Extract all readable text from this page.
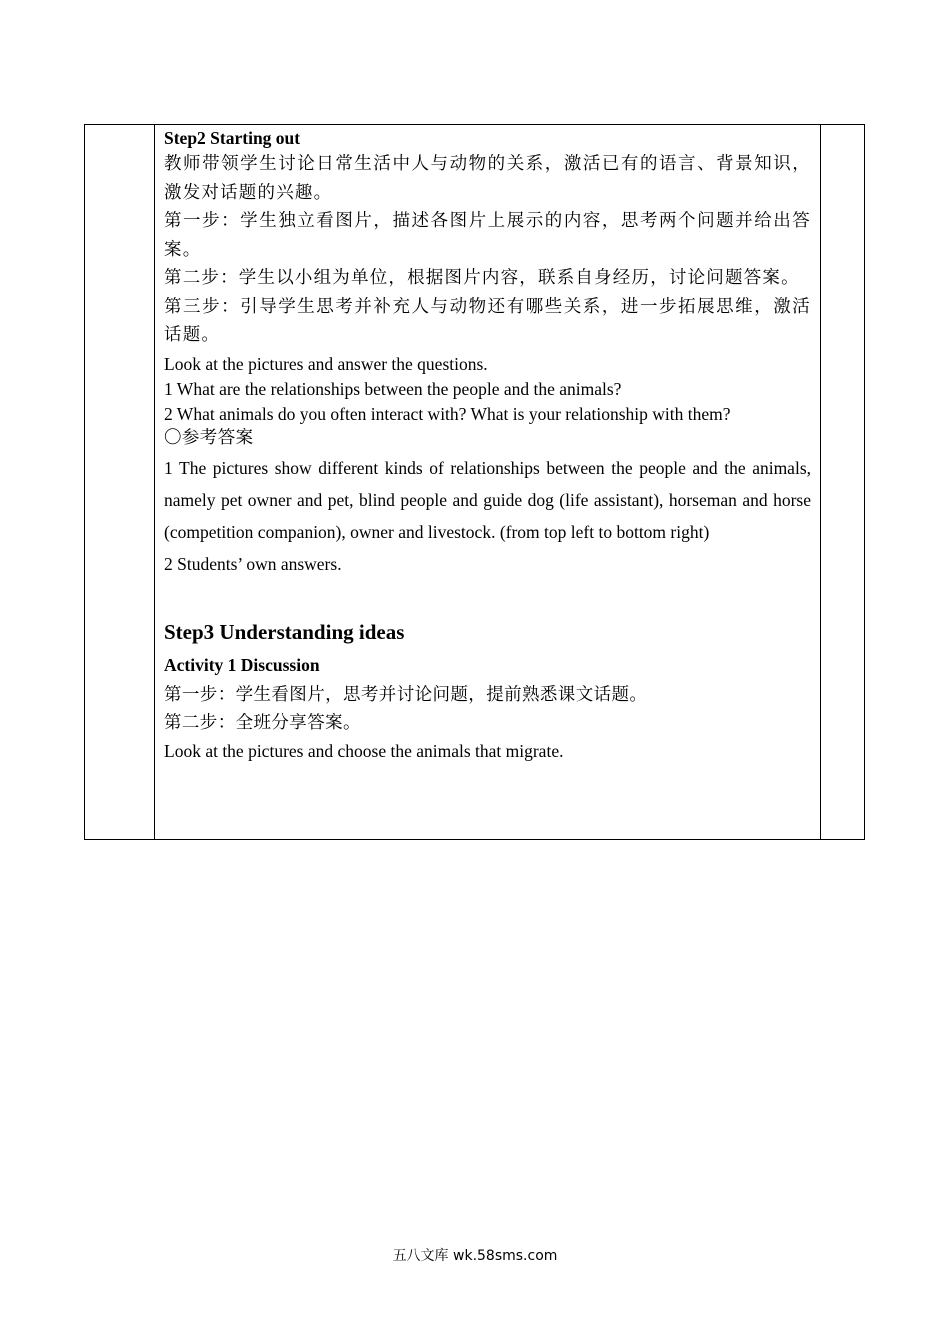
Step2 Starting out

教师带领学生讨论日常生活中人与动物的关系，激活已有的语言、背景知识，激发对话题的兴趣。

第一步：学生独立看图片，描述各图片上展示的内容，思考两个问题并给出答案。

第二步：学生以小组为单位，根据图片内容，联系自身经历，讨论问题答案。

第三步：引导学生思考并补充人与动物还有哪些关系，进一步拓展思维，激活话题。

Look at the pictures and answer the questions.

1 What are the relationships between the people and the animals?

2 What animals do you often interact with? What is your relationship with them?

〇参考答案

1 The pictures show different kinds of relationships between the people and the animals, namely pet owner and pet, blind people and guide dog (life assistant), horseman and horse (competition companion), owner and livestock. (from top left to bottom right)

2 Students’ own answers.

Step3 Understanding ideas

Activity 1 Discussion

第一步：学生看图片，思考并讨论问题，提前熟悉课文话题。

第二步：全班分享答案。

Look at the pictures and choose the animals that migrate.

五八文库 wk.58sms.com
